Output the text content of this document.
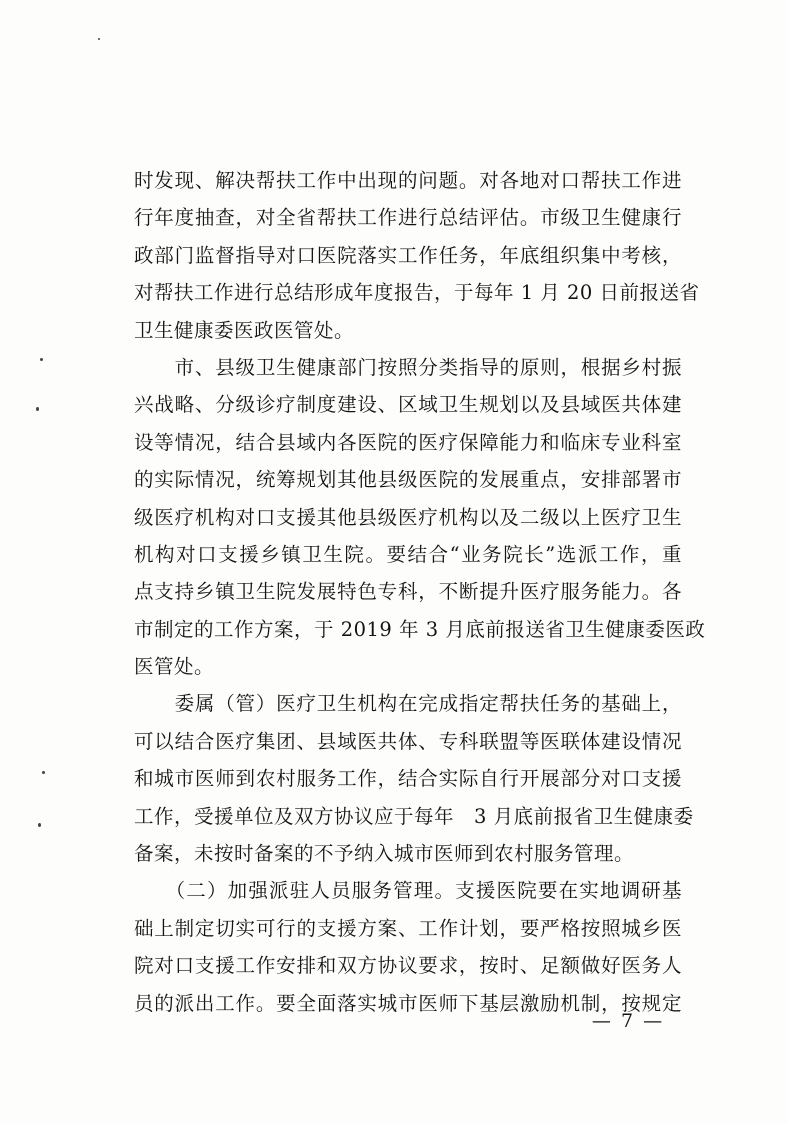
时发现、解决帮扶工作中出现的问题。对各地对口帮扶工作进
行年度抽查，对全省帮扶工作进行总结评估。市级卫生健康行
政部门监督指导对口医院落实工作任务，年底组织集中考核，
对帮扶工作进行总结形成年度报告，于每年 1 月 20 日前报送省
卫生健康委医政医管处。
　　市、县级卫生健康部门按照分类指导的原则，根据乡村振
兴战略、分级诊疗制度建设、区域卫生规划以及县域医共体建
设等情况，结合县域内各医院的医疗保障能力和临床专业科室
的实际情况，统筹规划其他县级医院的发展重点，安排部署市
级医疗机构对口支援其他县级医疗机构以及二级以上医疗卫生
机构对口支援乡镇卫生院。要结合“业务院长”选派工作，重
点支持乡镇卫生院发展特色专科，不断提升医疗服务能力。各
市制定的工作方案，于 2019 年 3 月底前报送省卫生健康委医政
医管处。
　　委属（管）医疗卫生机构在完成指定帮扶任务的基础上，
可以结合医疗集团、县域医共体、专科联盟等医联体建设情况
和城市医师到农村服务工作，结合实际自行开展部分对口支援
工作，受援单位及双方协议应于每年　3 月底前报省卫生健康委
备案，未按时备案的不予纳入城市医师到农村服务管理。
　　（二）加强派驻人员服务管理。支援医院要在实地调研基
础上制定切实可行的支援方案、工作计划，要严格按照城乡医
院对口支援工作安排和双方协议要求，按时、足额做好医务人
员的派出工作。要全面落实城市医师下基层激励机制，按规定
— 7 —
